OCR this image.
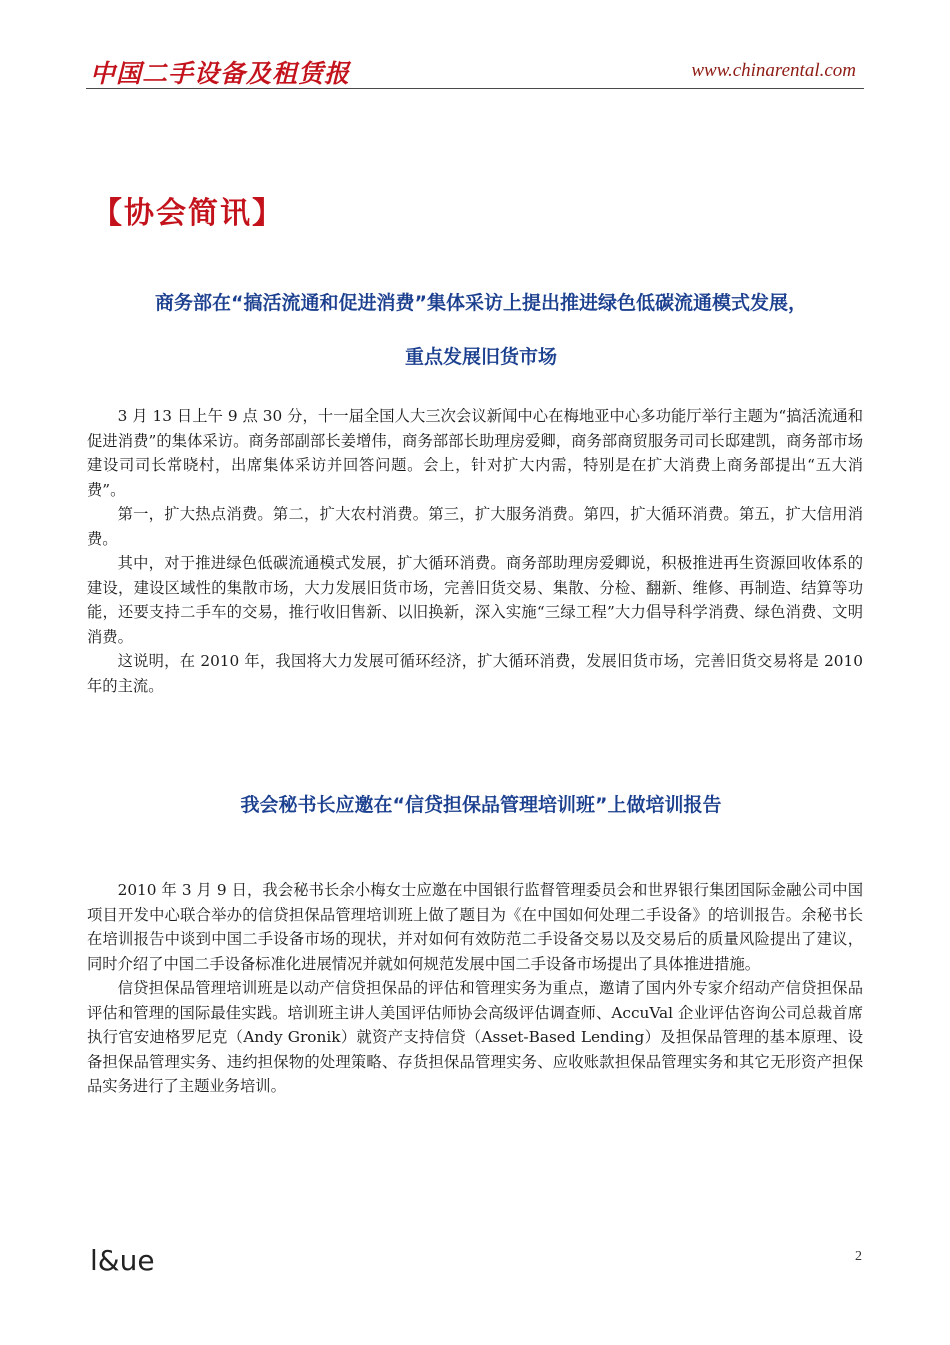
中国二手设备及租赁报	www.chinarental.com
【协会简讯】
商务部在“搞活流通和促进消费”集体采访上提出推进绿色低碳流通模式发展，
重点发展旧货市场

3 月 13 日上午 9 点 30 分，十一届全国人大三次会议新闻中心在梅地亚中心多功能厅举行主题为“搞活流通和促进消费”的集体采访。商务部副部长姜增伟，商务部部长助理房爱卿，商务部商贸服务司司长邸建凯，商务部市场建设司司长常晓村，出席集体采访并回答问题。会上，针对扩大内需，特别是在扩大消费上商务部提出“五大消费”。

第一，扩大热点消费。第二，扩大农村消费。第三，扩大服务消费。第四，扩大循环消费。第五，扩大信用消费。

其中，对于推进绿色低碳流通模式发展，扩大循环消费。商务部助理房爱卿说，积极推进再生资源回收体系的建设，建设区域性的集散市场，大力发展旧货市场，完善旧货交易、集散、分检、翻新、维修、再制造、结算等功能，还要支持二手车的交易，推行收旧售新、以旧换新，深入实施“三绿工程”大力倡导科学消费、绿色消费、文明消费。

这说明，在 2010 年，我国将大力发展可循环经济，扩大循环消费，发展旧货市场，完善旧货交易将是 2010 年的主流。

我会秘书长应邀在“信贷担保品管理培训班”上做培训报告

2010 年 3 月 9 日，我会秘书长余小梅女士应邀在中国银行监督管理委员会和世界银行集团国际金融公司中国项目开发中心联合举办的信贷担保品管理培训班上做了题目为《在中国如何处理二手设备》的培训报告。余秘书长在培训报告中谈到中国二手设备市场的现状，并对如何有效防范二手设备交易以及交易后的质量风险提出了建议，同时介绍了中国二手设备标准化进展情况并就如何规范发展中国二手设备市场提出了具体推进措施。

信贷担保品管理培训班是以动产信贷担保品的评估和管理实务为重点，邀请了国内外专家介绍动产信贷担保品评估和管理的国际最佳实践。培训班主讲人美国评估师协会高级评估调查师、AccuVal 企业评估咨询公司总裁首席执行官安迪格罗尼克（Andy Gronik）就资产支持信贷（Asset-Based Lending）及担保品管理的基本原理、设备担保品管理实务、违约担保物的处理策略、存货担保品管理实务、应收账款担保品管理实务和其它无形资产担保品实务进行了主题业务培训。

l&ue	2
